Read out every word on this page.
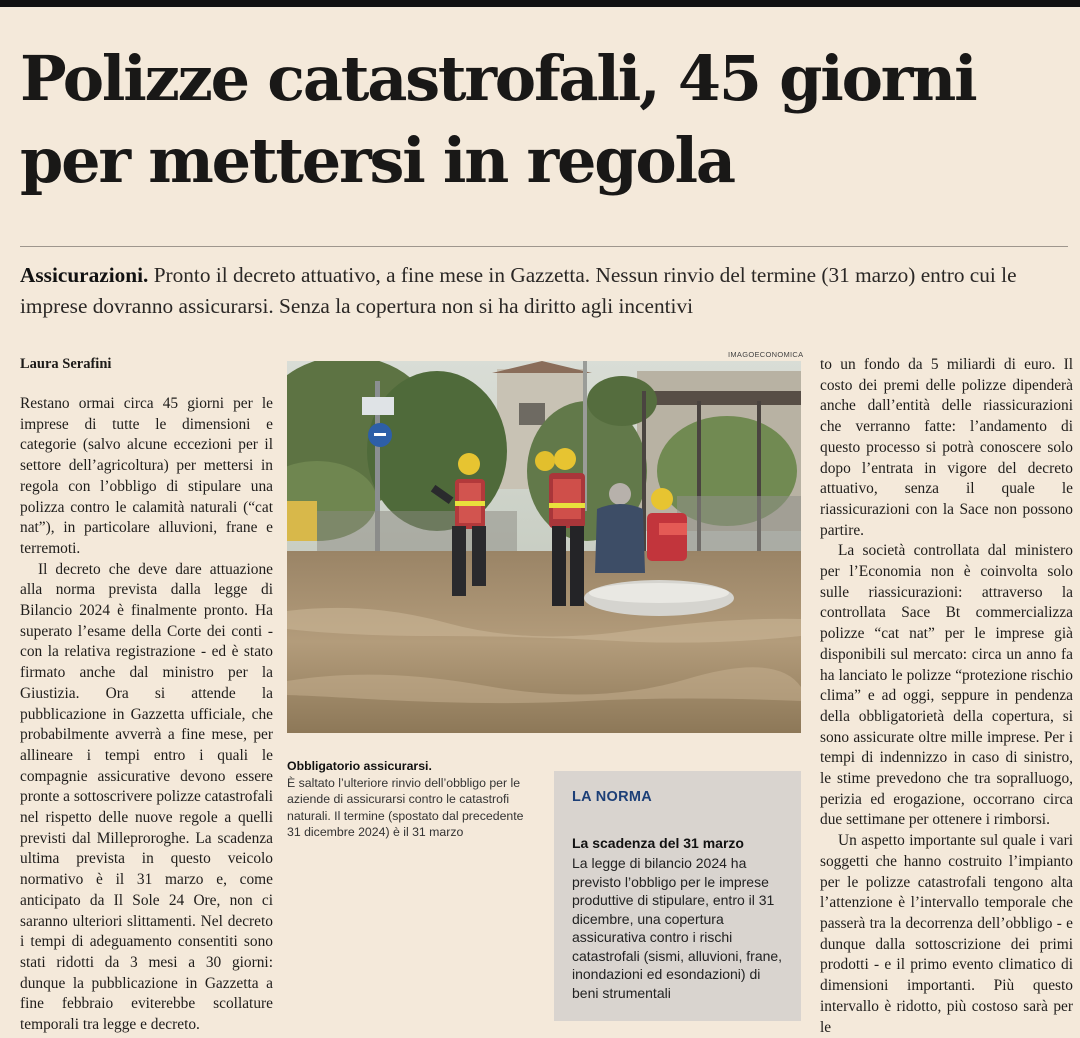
Polizze catastrofali, 45 giorni
per mettersi in regola
Assicurazioni. Pronto il decreto attuativo, a fine mese in Gazzetta. Nessun rinvio del termine (31 marzo) entro cui le imprese dovranno assicurarsi. Senza la copertura non si ha diritto agli incentivi
Laura Serafini

Restano ormai circa 45 giorni per le imprese di tutte le dimensioni e categorie (salvo alcune eccezioni per il settore dell’agricoltura) per mettersi in regola con l’obbligo di stipulare una polizza contro le calamità naturali (“cat nat”), in particolare alluvioni, frane e terremoti.

Il decreto che deve dare attuazione alla norma prevista dalla legge di Bilancio 2024 è finalmente pronto. Ha superato l’esame della Corte dei conti - con la relativa registrazione - ed è stato firmato anche dal ministro per la Giustizia. Ora si attende la pubblicazione in Gazzetta ufficiale, che probabilmente avverrà a fine mese, per allineare i tempi entro i quali le compagnie assicurative devono essere pronte a sottoscrivere polizze catastrofali nel rispetto delle nuove regole a quelli previsti dal Milleproroghe. La scadenza ultima prevista in questo veicolo normativo è il 31 marzo e, come anticipato da Il Sole 24 Ore, non ci saranno ulteriori slittamenti. Nel decreto i tempi di adeguamento consentiti sono stati ridotti da 3 mesi a 30 giorni: dunque la pubblicazione in Gazzetta a fine febbraio eviterebbe scollature temporali tra legge e decreto.

IMAGOECONOMICA
Obbligatorio assicurarsi.
È saltato l’ulteriore rinvio dell’obbligo per le aziende di assicurarsi contro le catastrofi naturali. Il termine (spostato dal precedente 31 dicembre 2024) è il 31 marzo
LA NORMA
La scadenza del 31 marzo
La legge di bilancio 2024 ha previsto l’obbligo per le imprese produttive di stipulare, entro il 31 dicembre, una copertura assicurativa contro i rischi catastrofali (sismi, alluvioni, frane, inondazioni ed esondazioni) di beni strumentali

to un fondo da 5 miliardi di euro. Il costo dei premi delle polizze dipenderà anche dall’entità delle riassicurazioni che verranno fatte: l’andamento di questo processo si potrà conoscere solo dopo l’entrata in vigore del decreto attuativo, senza il quale le riassicurazioni con la Sace non possono partire.

La società controllata dal ministero per l’Economia non è coinvolta solo sulle riassicurazioni: attraverso la controllata Sace Bt commercializza polizze “cat nat” per le imprese già disponibili sul mercato: circa un anno fa ha lanciato le polizze “protezione rischio clima” e ad oggi, seppure in pendenza della obbligatorietà della copertura, si sono assicurate oltre mille imprese. Per i tempi di indennizzo in caso di sinistro, le stime prevedono che tra sopralluogo, perizia ed erogazione, occorrano circa due settimane per ottenere i rimborsi.

Un aspetto importante sul quale i vari soggetti che hanno costruito l’impianto per le polizze catastrofali tengono alta l’attenzione è l’intervallo temporale che passerà tra la decorrenza dell’obbligo - e dunque dalla sottoscrizione dei primi prodotti - e il primo evento climatico di dimensioni importanti. Più questo intervallo è ridotto, più costoso sarà per le
